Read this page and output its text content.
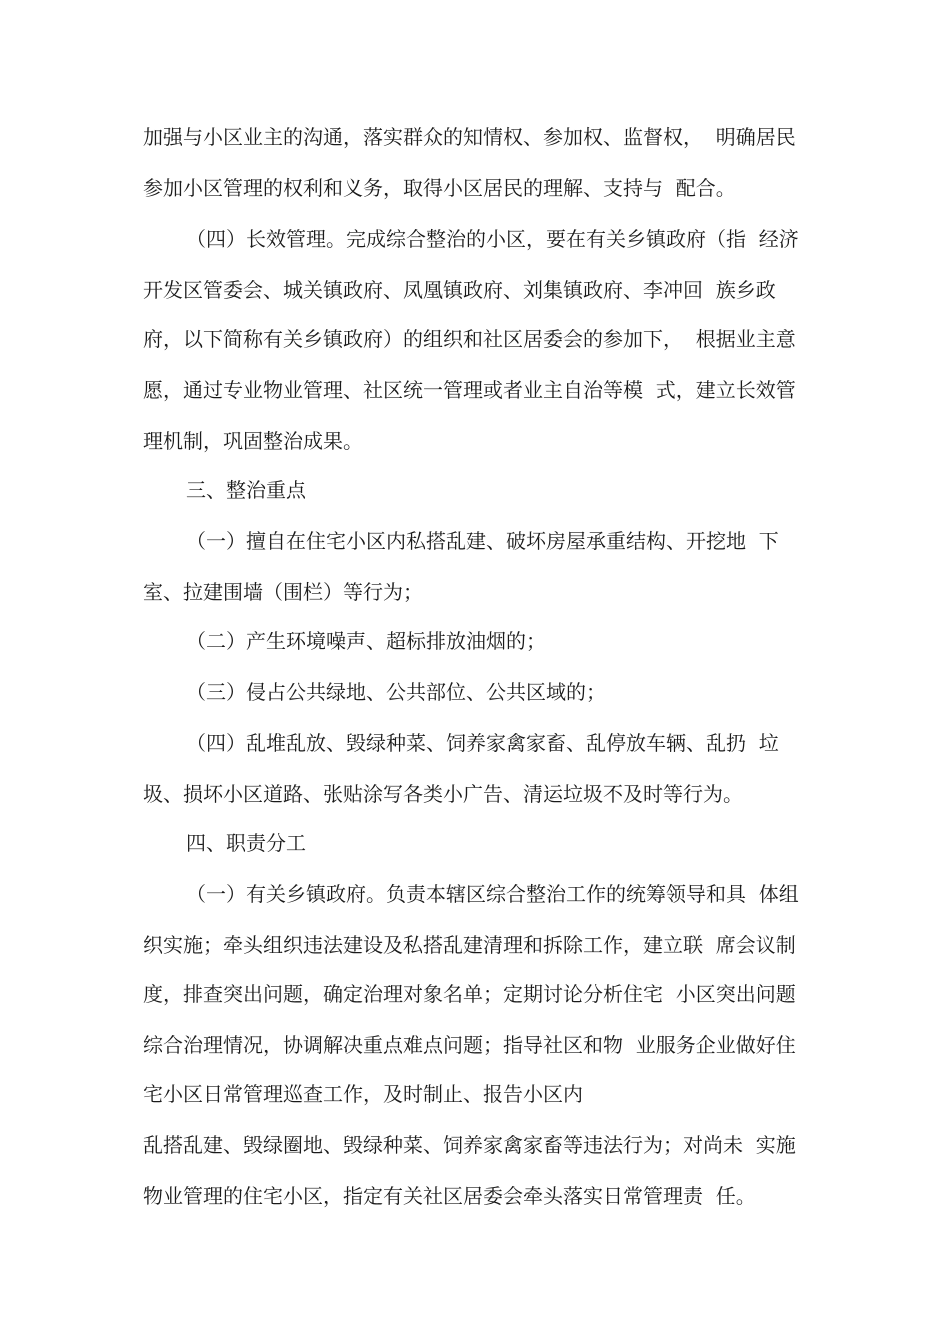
加强与小区业主的沟通，落实群众的知情权、参加权、监督权，  明确居民
参加小区管理的权利和义务，取得小区居民的理解、支持与  配合。
（四）长效管理。完成综合整治的小区，要在有关乡镇政府（指  经济
开发区管委会、城关镇政府、凤凰镇政府、刘集镇政府、李冲回  族乡政
府，以下简称有关乡镇政府）的组织和社区居委会的参加下，  根据业主意
愿，通过专业物业管理、社区统一管理或者业主自治等模  式，建立长效管
理机制，巩固整治成果。
三、整治重点
（一）擅自在住宅小区内私搭乱建、破坏房屋承重结构、开挖地  下
室、拉建围墙（围栏）等行为；
（二）产生环境噪声、超标排放油烟的；
（三）侵占公共绿地、公共部位、公共区域的；
（四）乱堆乱放、毁绿种菜、饲养家禽家畜、乱停放车辆、乱扔  垃
圾、损坏小区道路、张贴涂写各类小广告、清运垃圾不及时等行为。
四、职责分工
（一）有关乡镇政府。负责本辖区综合整治工作的统筹领导和具  体组
织实施；牵头组织违法建设及私搭乱建清理和拆除工作，建立联  席会议制
度，排查突出问题，确定治理对象名单；定期讨论分析住宅  小区突出问题
综合治理情况，协调解决重点难点问题；指导社区和物  业服务企业做好住
宅小区日常管理巡查工作，及时制止、报告小区内
乱搭乱建、毁绿圈地、毁绿种菜、饲养家禽家畜等违法行为；对尚未  实施
物业管理的住宅小区，指定有关社区居委会牵头落实日常管理责  任。
